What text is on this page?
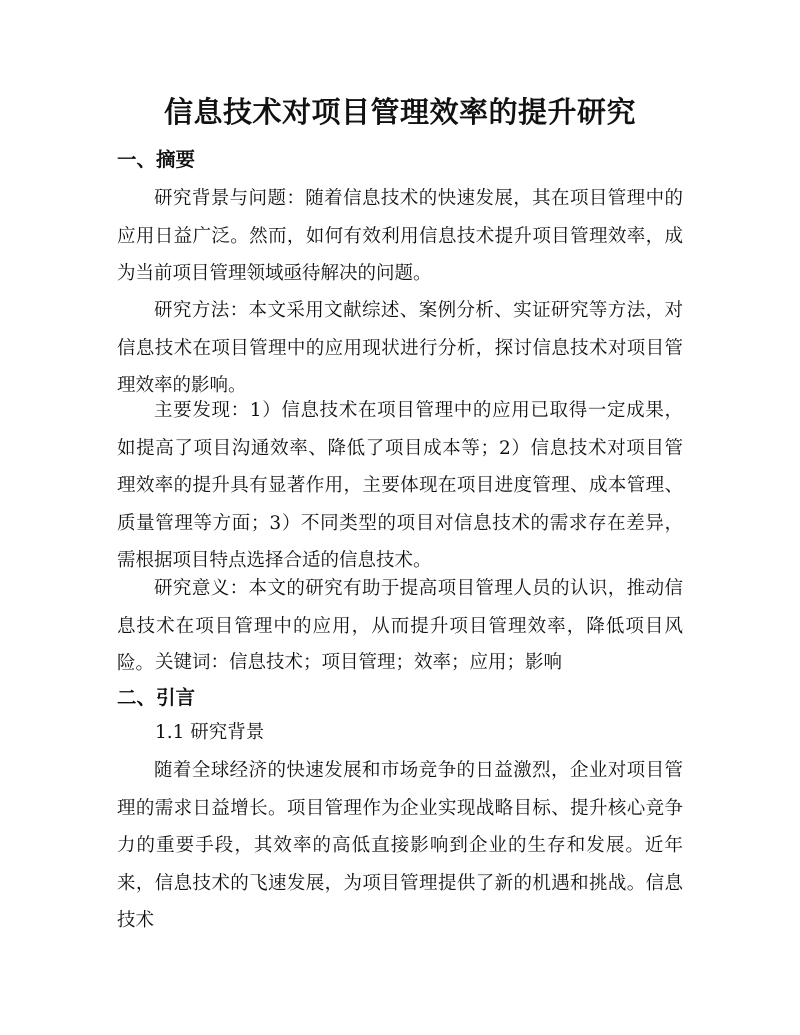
信息技术对项目管理效率的提升研究
一、摘要

研究背景与问题：随着信息技术的快速发展，其在项目管理中的应用日益广泛。然而，如何有效利用信息技术提升项目管理效率，成为当前项目管理领域亟待解决的问题。

研究方法：本文采用文献综述、案例分析、实证研究等方法，对信息技术在项目管理中的应用现状进行分析，探讨信息技术对项目管理效率的影响。

主要发现：1）信息技术在项目管理中的应用已取得一定成果，如提高了项目沟通效率、降低了项目成本等；2）信息技术对项目管理效率的提升具有显著作用，主要体现在项目进度管理、成本管理、质量管理等方面；3）不同类型的项目对信息技术的需求存在差异，需根据项目特点选择合适的信息技术。

研究意义：本文的研究有助于提高项目管理人员的认识，推动信息技术在项目管理中的应用，从而提升项目管理效率，降低项目风险。 关键词：信息技术；项目管理；效率；应用；影响

二、引言

1.1 研究背景

随着全球经济的快速发展和市场竞争的日益激烈，企业对项目管理的需求日益增长。项目管理作为企业实现战略目标、提升核心竞争力的重要手段，其效率的高低直接影响到企业的生存和发展。近年来，信息技术的飞速发展，为项目管理提供了新的机遇和挑战。信息技术
